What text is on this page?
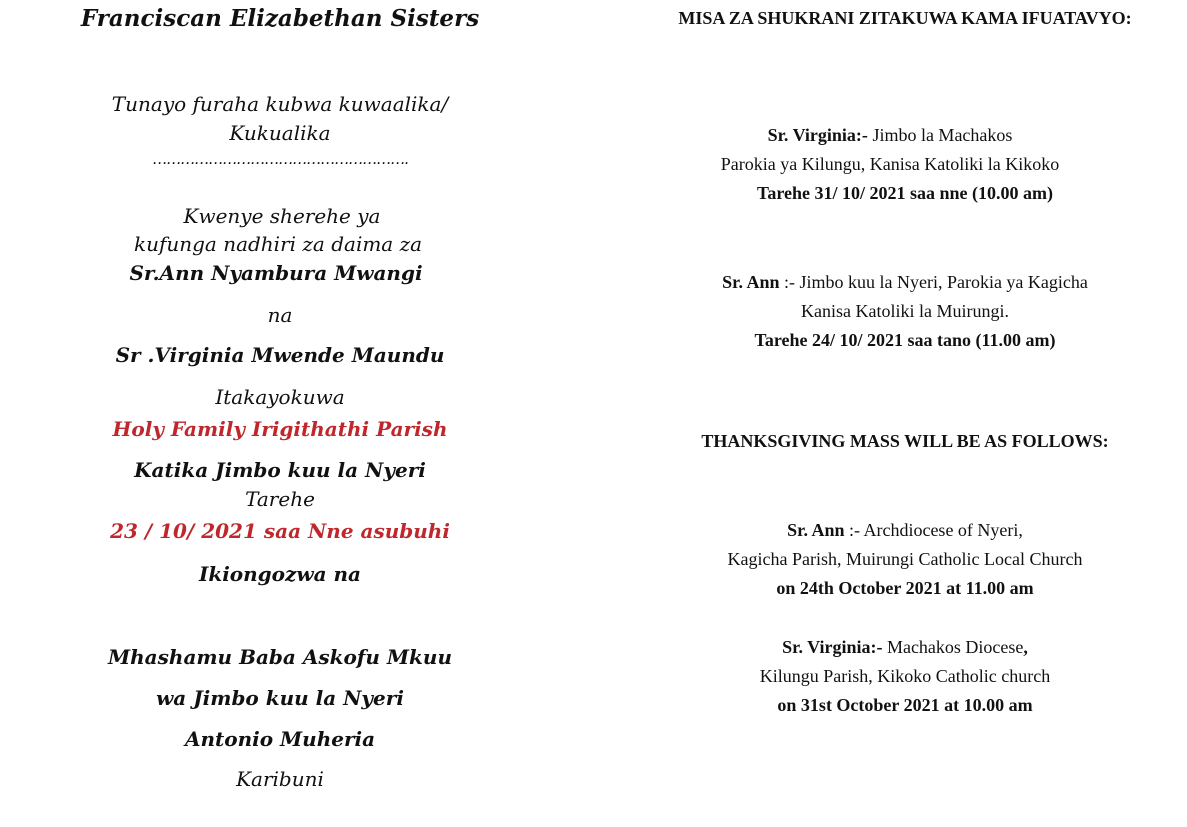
Franciscan Elizabethan Sisters
Tunayo furaha kubwa kuwaalika/
Kukualika
……………………………………………….
Kwenye sherehe ya
kufunga nadhiri za daima za
Sr.Ann Nyambura Mwangi
na
Sr .Virginia Mwende Maundu
Itakayokuwa
Holy Family Irigithathi Parish
Katika Jimbo kuu la Nyeri
Tarehe
23 / 10/ 2021 saa Nne asubuhi
Ikiongozwa na
Mhashamu Baba Askofu Mkuu
wa Jimbo kuu la Nyeri
Antonio Muheria
Karibuni
MISA ZA SHUKRANI ZITAKUWA KAMA IFUATAVYO:
Sr. Virginia:- Jimbo la Machakos
Parokia ya Kilungu, Kanisa Katoliki la Kikoko
Tarehe 31/ 10/ 2021 saa nne (10.00 am)
Sr. Ann :- Jimbo kuu la Nyeri, Parokia ya Kagicha
Kanisa Katoliki la Muirungi.
Tarehe 24/ 10/ 2021 saa tano (11.00 am)
THANKSGIVING MASS WILL BE AS FOLLOWS:
Sr. Ann :- Archdiocese of Nyeri,
Kagicha Parish, Muirungi Catholic Local Church
on 24th October 2021 at 11.00 am
Sr. Virginia:- Machakos Diocese,
Kilungu Parish, Kikoko Catholic church
on 31st October 2021 at 10.00 am
